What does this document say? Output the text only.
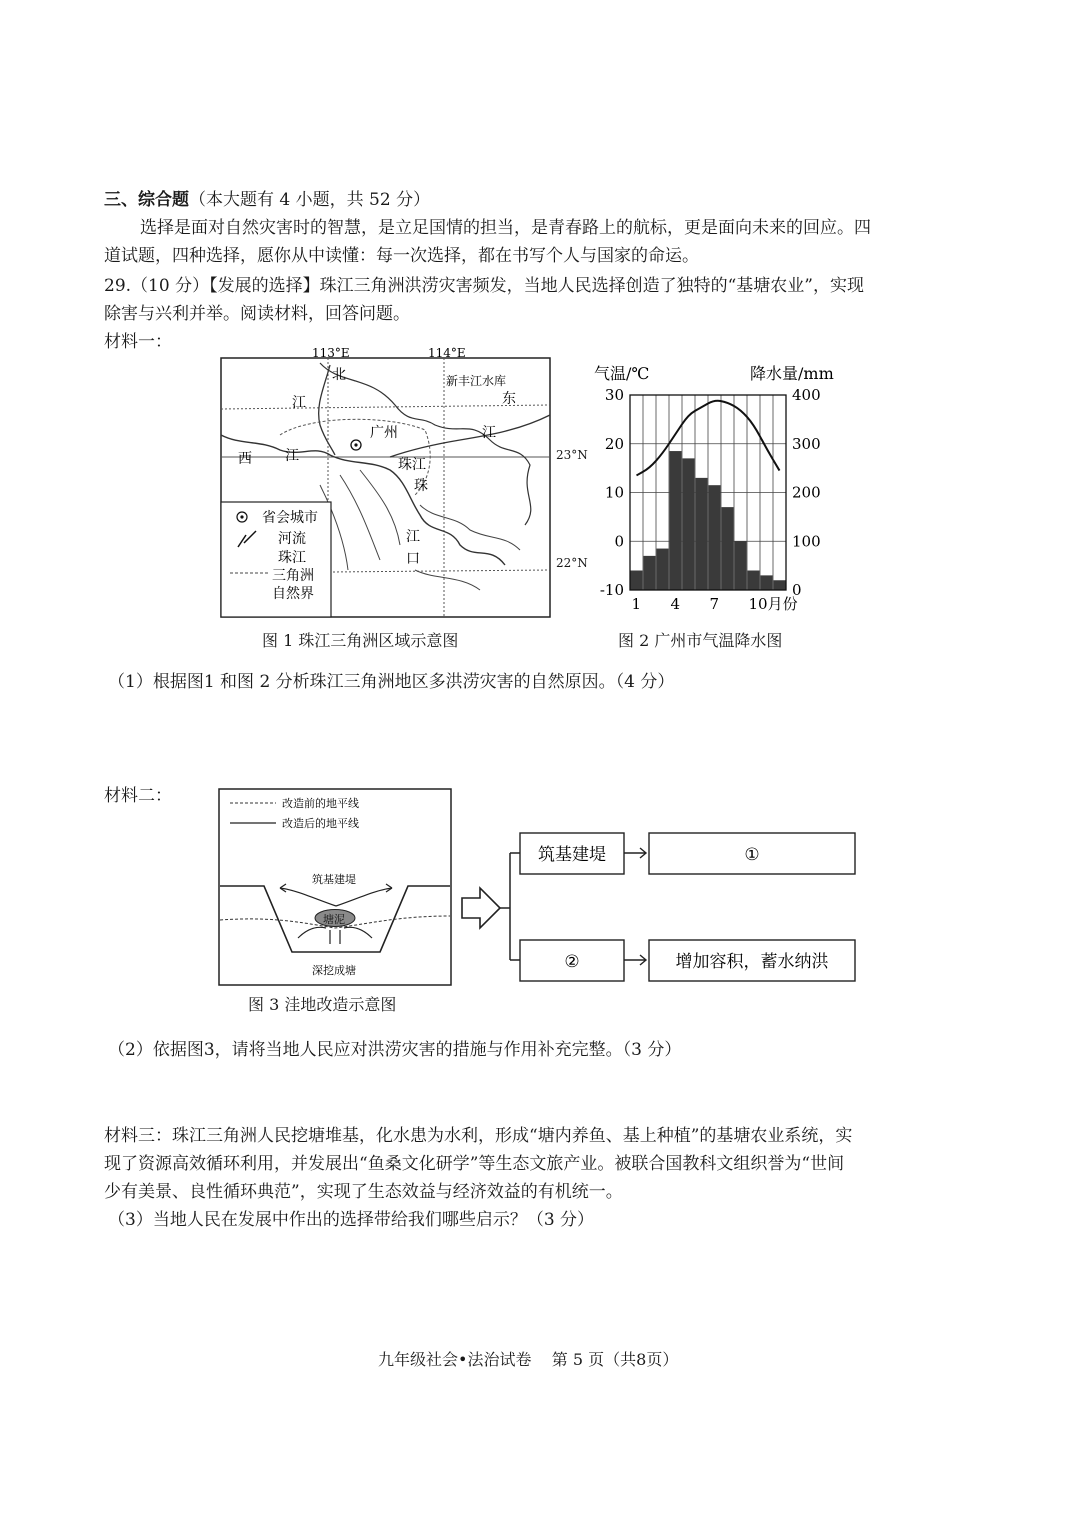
三、综合题（本大题有 4 小题，共 52 分）
选择是面对自然灾害时的智慧，是立足国情的担当，是青春路上的航标，更是面向未来的回应。四
道试题，四种选择，愿你从中读懂：每一次选择，都在书写个人与国家的命运。
29.（10 分）【发展的选择】珠江三角洲洪涝灾害频发，当地人民选择创造了独特的“基塘农业”，实现
除害与兴利并举。阅读材料，回答问题。
材料一：
113°E	114°E
北	新丰江水库
东
江
江
广州
西 江
珠江
珠
江
口
省会城市
河流
珠江
三角洲
自然界
23°N
22°N
气温/℃	降水量/mm
30
20
10
0
-10
400
300
200
100
0
1 4 7 10月份
图 1 珠江三角洲区域示意图	图 2 广州市气温降水图
（1）根据图1 和图 2 分析珠江三角洲地区多洪涝灾害的自然原因。（4 分）
材料二：	改造前的地平线
改造后的地平线
筑基建堤
塘泥
深挖成塘
筑基建堤	①
②	增加容积，蓄水纳洪
图 3 洼地改造示意图
（2）依据图3，请将当地人民应对洪涝灾害的措施与作用补充完整。（3 分）
材料三：珠江三角洲人民挖塘堆基，化水患为水利，形成“塘内养鱼、基上种植”的基塘农业系统，实
现了资源高效循环利用，并发展出“鱼桑文化研学”等生态文旅产业。被联合国教科文组织誉为“世间
少有美景、良性循环典范”，实现了生态效益与经济效益的有机统一。
（3）当地人民在发展中作出的选择带给我们哪些启示？（3 分）
九年级社会•法治试卷    第 5 页（共8页）
